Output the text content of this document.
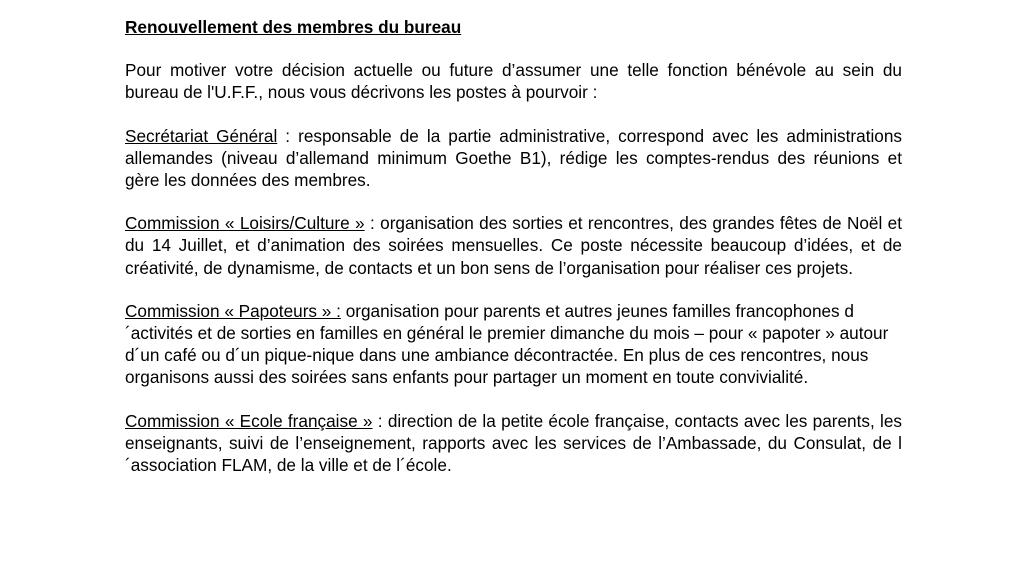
Renouvellement des membres du bureau

Pour motiver votre décision actuelle ou future d’assumer une telle fonction bénévole au sein du bureau de l'U.F.F., nous vous décrivons les postes à pourvoir :

Secrétariat Général : responsable de la partie administrative, correspond avec les administrations allemandes (niveau d’allemand minimum Goethe B1), rédige les comptes-rendus des réunions et gère les données des membres.

Commission « Loisirs/Culture » : organisation des sorties et rencontres, des grandes fêtes de Noël et du 14 Juillet, et d’animation des soirées mensuelles. Ce poste nécessite beaucoup d’idées, et de créativité, de dynamisme, de contacts et un bon sens de l’organisation pour réaliser ces projets.

Commission « Papoteurs » : organisation pour parents et autres jeunes familles francophones d´activités et de sorties en familles en général le premier dimanche du mois – pour « papoter » autour d´un café ou d´un pique-nique dans une ambiance décontractée. En plus de ces rencontres, nous organisons aussi des soirées sans enfants pour partager un moment en toute convivialité.

Commission « Ecole française » : direction de la petite école française, contacts avec les parents, les enseignants, suivi de l’enseignement, rapports avec les services de l’Ambassade, du Consulat, de l´association FLAM, de la ville et de l´école.
